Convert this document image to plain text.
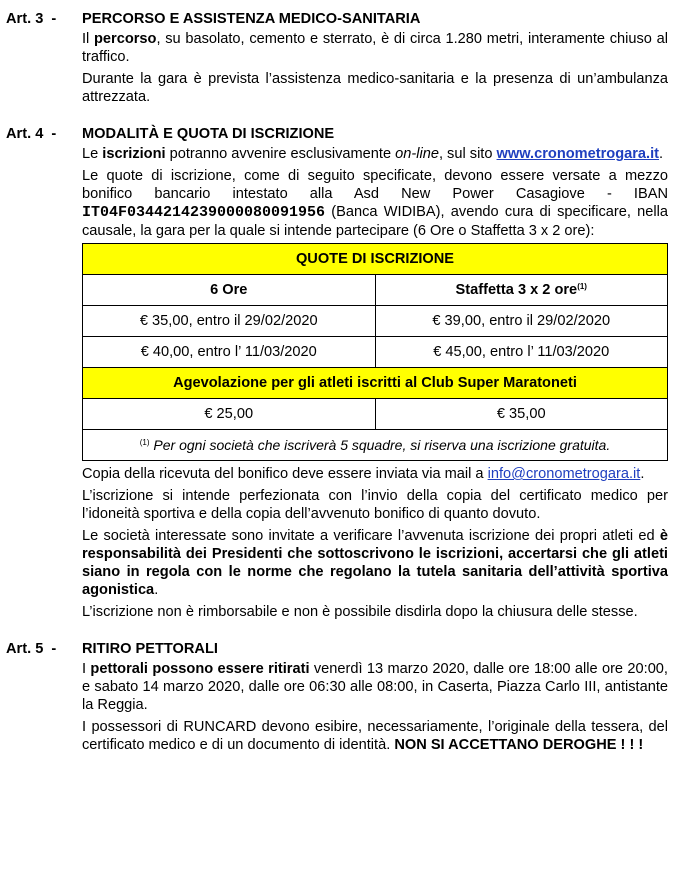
Art. 3  -	PERCORSO E ASSISTENZA MEDICO-SANITARIA

Il percorso, su basolato, cemento e sterrato, è di circa 1.280 metri, interamente chiuso al traffico.

Durante la gara è prevista l’assistenza medico-sanitaria e la presenza di un’ambulanza attrezzata.

Art. 4  -	MODALITÀ E QUOTA DI ISCRIZIONE

Le iscrizioni potranno avvenire esclusivamente on-line, sul sito www.cronometrogara.it.

Le quote di iscrizione, come di seguito specificate, devono essere versate a mezzo bonifico bancario intestato alla Asd New Power Casagiove - IBAN IT04F0344214239000080091956 (Banca WIDIBA), avendo cura di specificare, nella causale, la gara per la quale si intende partecipare (6 Ore o Staffetta 3 x 2 ore):

QUOTE DI ISCRIZIONE	
6 Ore	Staffetta 3 x 2 ore$^{(1)}$
€ 35,00, entro il 29/02/2020	€ 39,00, entro il 29/02/2020
€ 40,00, entro l’ 11/03/2020	€ 45,00, entro l’ 11/03/2020
Agevolazione per gli atleti iscritti al Club Super Maratoneti	
€ 25,00	€ 35,00
$^{(1)}$ Per ogni società che iscriverà 5 squadre, si riserva una iscrizione gratuita.	

Copia della ricevuta del bonifico deve essere inviata via mail a info@cronometrogara.it.

L’iscrizione si intende perfezionata con l’invio della copia del certificato medico per l’idoneità sportiva e della copia dell’avvenuto bonifico di quanto dovuto.

Le società interessate sono invitate a verificare l’avvenuta iscrizione dei propri atleti ed è responsabilità dei Presidenti che sottoscrivono le iscrizioni, accertarsi che gli atleti siano in regola con le norme che regolano la tutela sanitaria dell’attività sportiva agonistica.

L’iscrizione non è rimborsabile e non è possibile disdirla dopo la chiusura delle stesse.

Art. 5  -	RITIRO PETTORALI

I pettorali possono essere ritirati venerdì 13 marzo 2020, dalle ore 18:00 alle ore 20:00, e sabato 14 marzo 2020, dalle ore 06:30 alle 08:00, in Caserta, Piazza Carlo III, antistante la Reggia.

I possessori di RUNCARD devono esibire, necessariamente, l’originale della tessera, del certificato medico e di un documento di identità. NON SI ACCETTANO DEROGHE ! ! !
